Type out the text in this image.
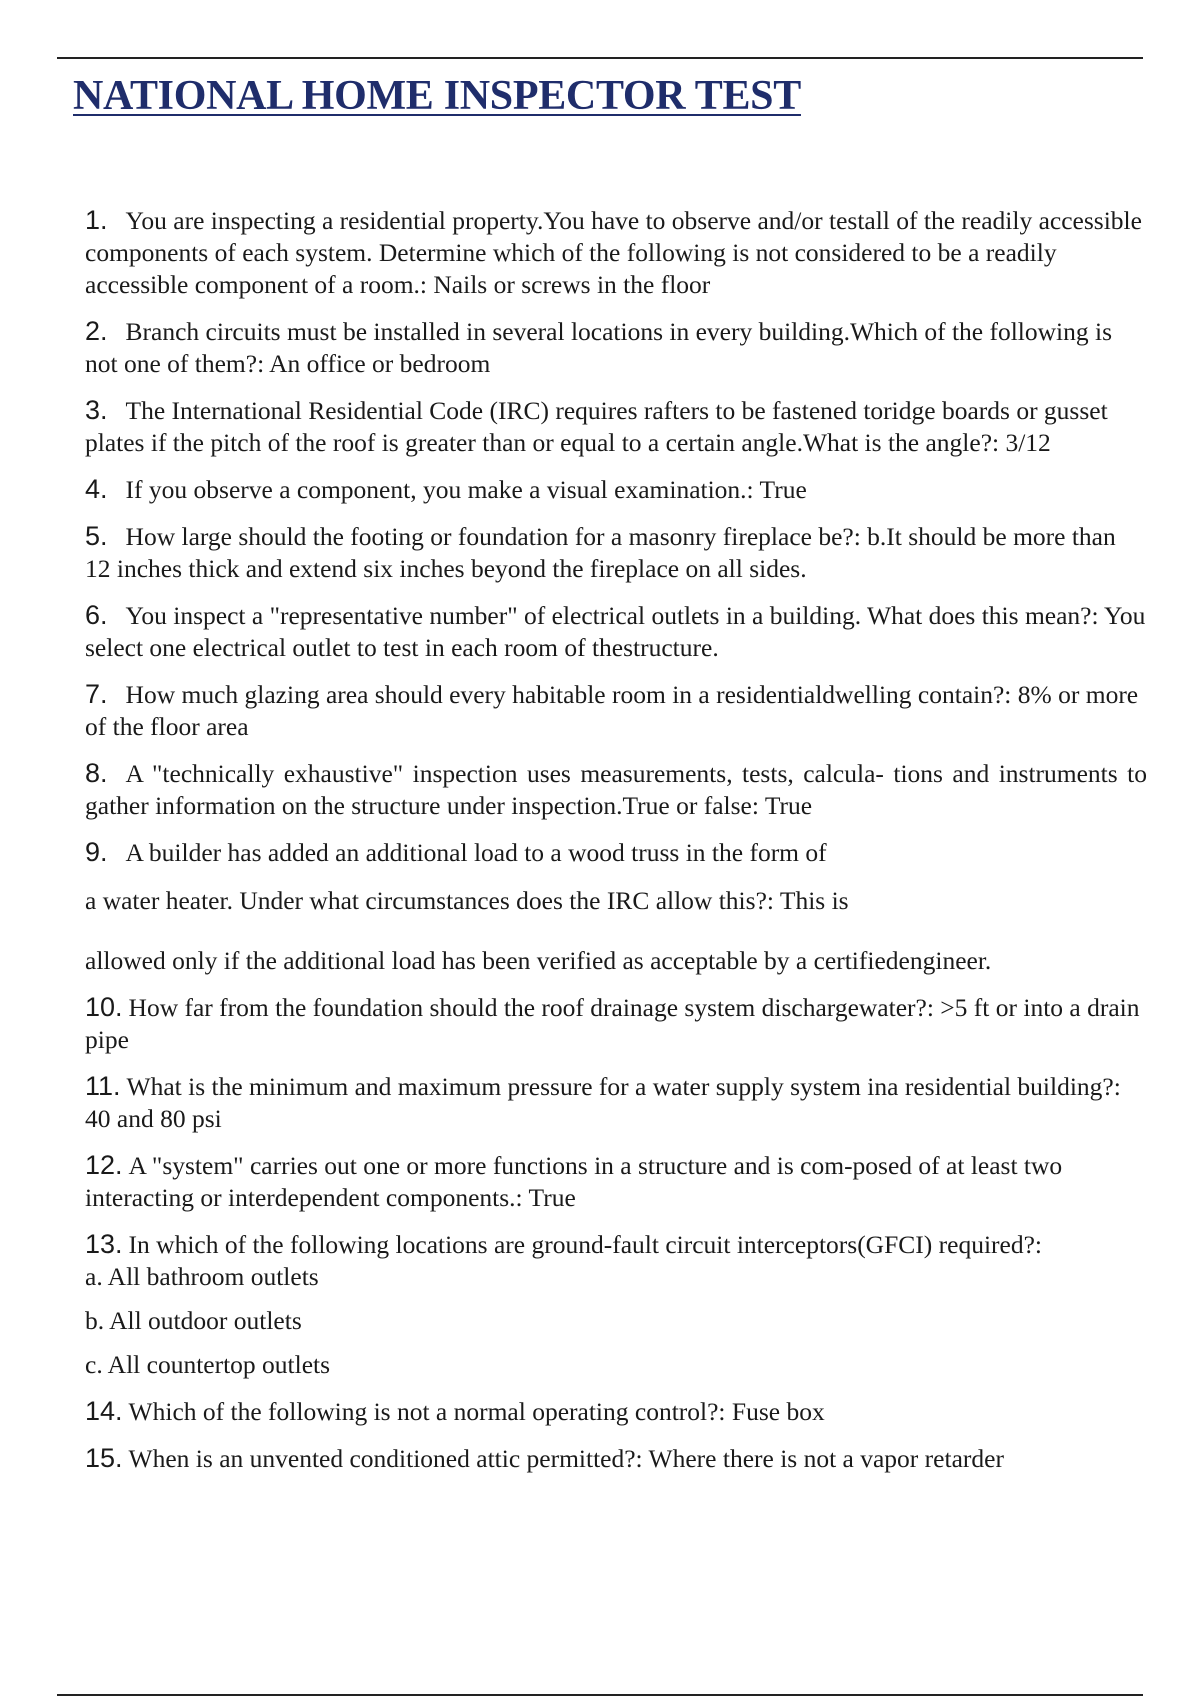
NATIONAL HOME INSPECTOR TEST

1. You are inspecting a residential property.You have to observe and/or testall of the readily accessible components of each system. Determine which of the following is not considered to be a readily accessible component of a room.: Nails or screws in the floor

2. Branch circuits must be installed in several locations in every building.Which of the following is not one of them?: An office or bedroom

3. The International Residential Code (IRC) requires rafters to be fastened toridge boards or gusset plates if the pitch of the roof is greater than or equal to a certain angle.What is the angle?: 3/12

4. If you observe a component, you make a visual examination.: True

5. How large should the footing or foundation for a masonry fireplace be?: b.It should be more than 12 inches thick and extend six inches beyond the fireplace on all sides.

6. You inspect a "representative number" of electrical outlets in a building. What does this mean?: You select one electrical outlet to test in each room of thestructure.

7. How much glazing area should every habitable room in a residentialdwelling contain?: 8% or more of the floor area

8. A "technically exhaustive" inspection uses measurements, tests, calcula- tions and instruments to gather information on the structure under inspection.True or false: True

9. A builder has added an additional load to a wood truss in the form of

a water heater. Under what circumstances does the IRC allow this?: This is

allowed only if the additional load has been verified as acceptable by a certifiedengineer.

10. How far from the foundation should the roof drainage system dischargewater?: >5 ft or into a drain pipe

11. What is the minimum and maximum pressure for a water supply system ina residential building?: 40 and 80 psi

12. A "system" carries out one or more functions in a structure and is com-posed of at least two interacting or interdependent components.: True

13. In which of the following locations are ground-fault circuit interceptors(GFCI) required?:

a. All bathroom outlets

b. All outdoor outlets

c. All countertop outlets

14. Which of the following is not a normal operating control?: Fuse box

15. When is an unvented conditioned attic permitted?: Where there is not a vapor retarder
